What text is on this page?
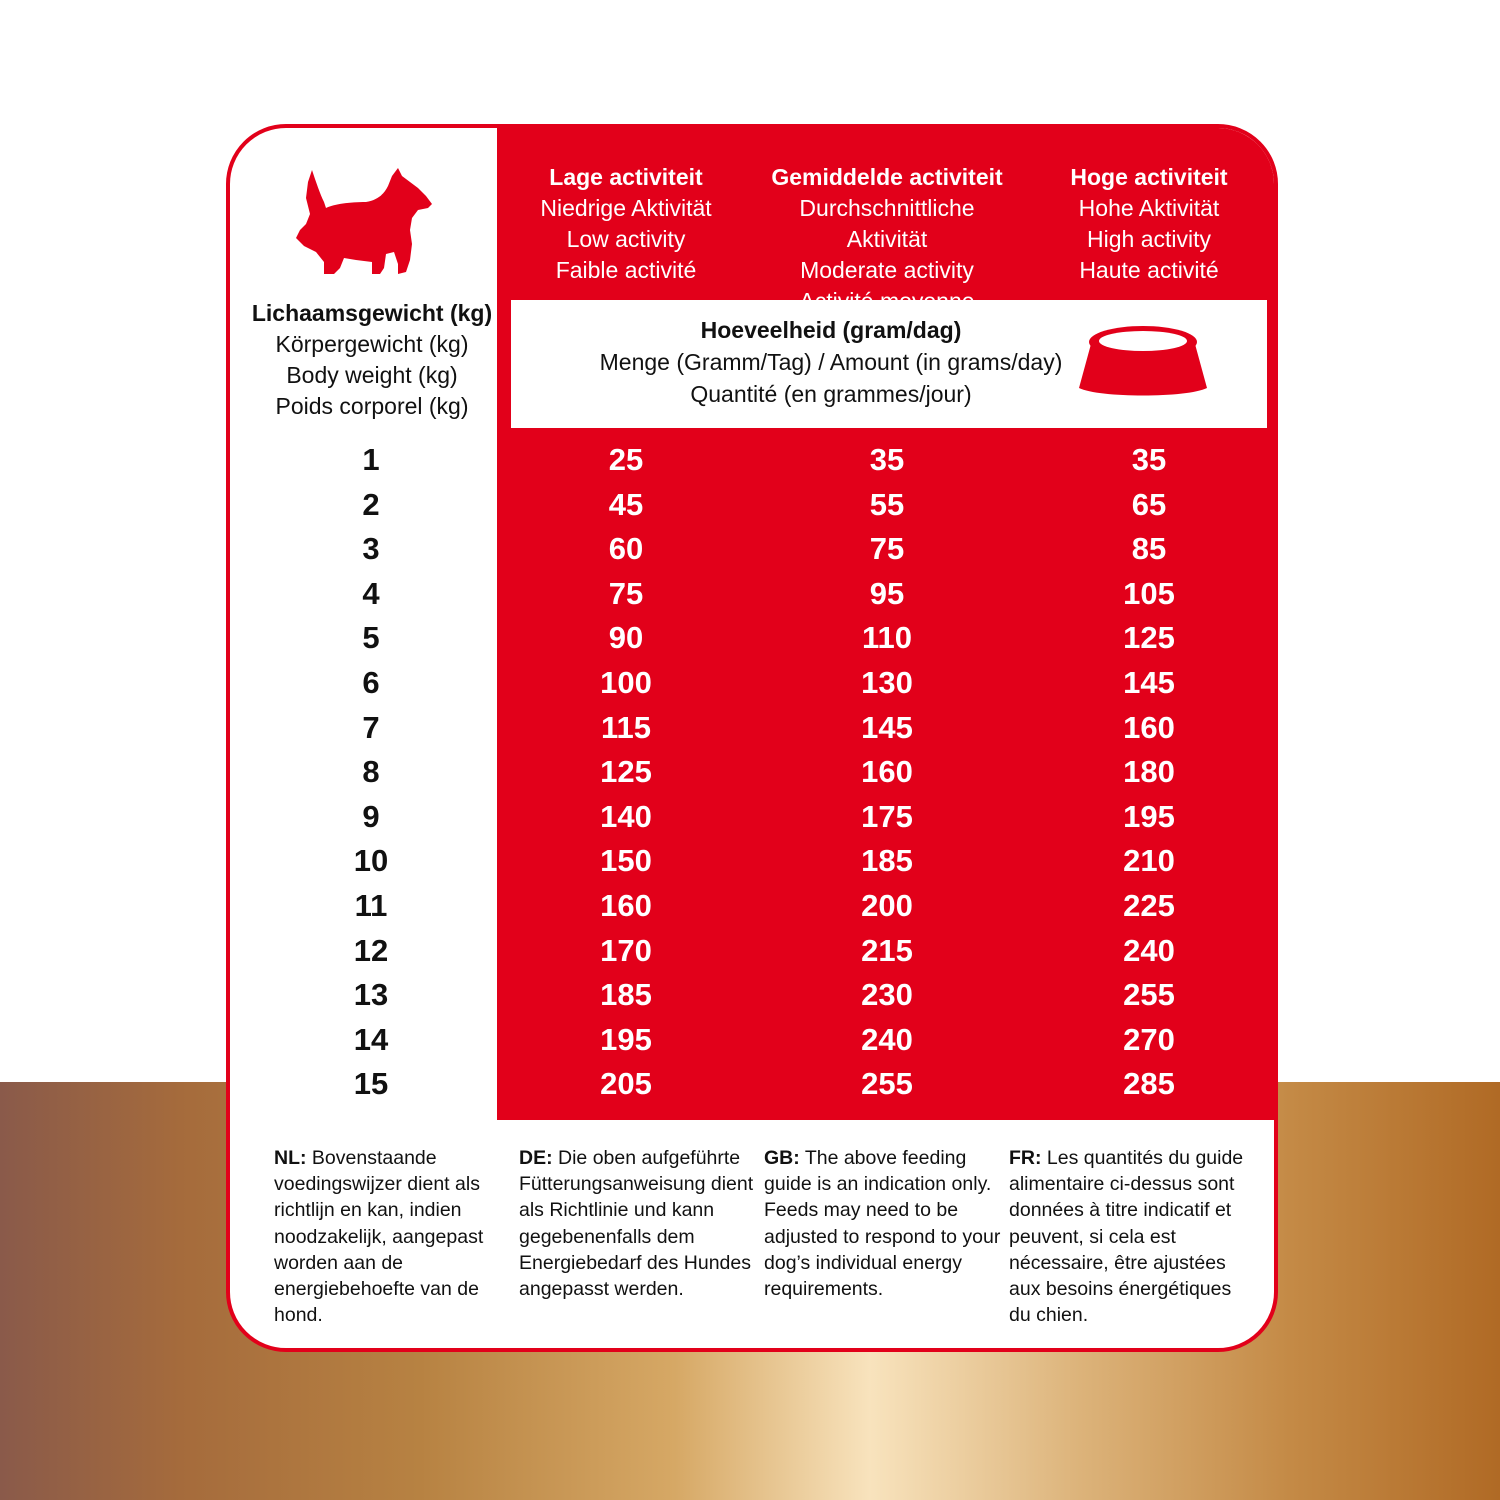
Lage activiteit
Niedrige Aktivität
Low activity
Faible activité
Gemiddelde activiteit
Durchschnittliche Aktivität
Moderate activity
Hoge activiteit
Hohe Aktivität
High activity
Haute activité
Lichaamsgewicht (kg)
Körpergewicht (kg)
Body weight (kg)
Poids corporel (kg)
Hoeveelheid (gram/dag)
Menge (Gramm/Tag) / Amount (in grams/day)
Quantité (en grammes/jour)
1	25	35	35
2	45	55	65
3	60	75	85
4	75	95	105
5	90	110	125
6	100	130	145
7	115	145	160
8	125	160	180
9	140	175	195
10	150	185	210
11	160	200	225
12	170	215	240
13	185	230	255
14	195	240	270
15	205	255	285
NL: Bovenstaande voedingswijzer dient als richtlijn en kan, indien noodzakelijk, aangepast worden aan de energiebehoefte van de hond.
DE: Die oben aufgeführte Fütterungsanweisung dient als Richtlinie und kann gegebenenfalls dem Energiebedarf des Hundes angepasst werden.
GB: The above feeding guide is an indication only. Feeds may need to be adjusted to respond to your dog’s individual energy requirements.
FR: Les quantités du guide alimentaire ci-dessus sont données à titre indicatif et peuvent, si cela est nécessaire, être ajustées aux besoins énergétiques du chien.
